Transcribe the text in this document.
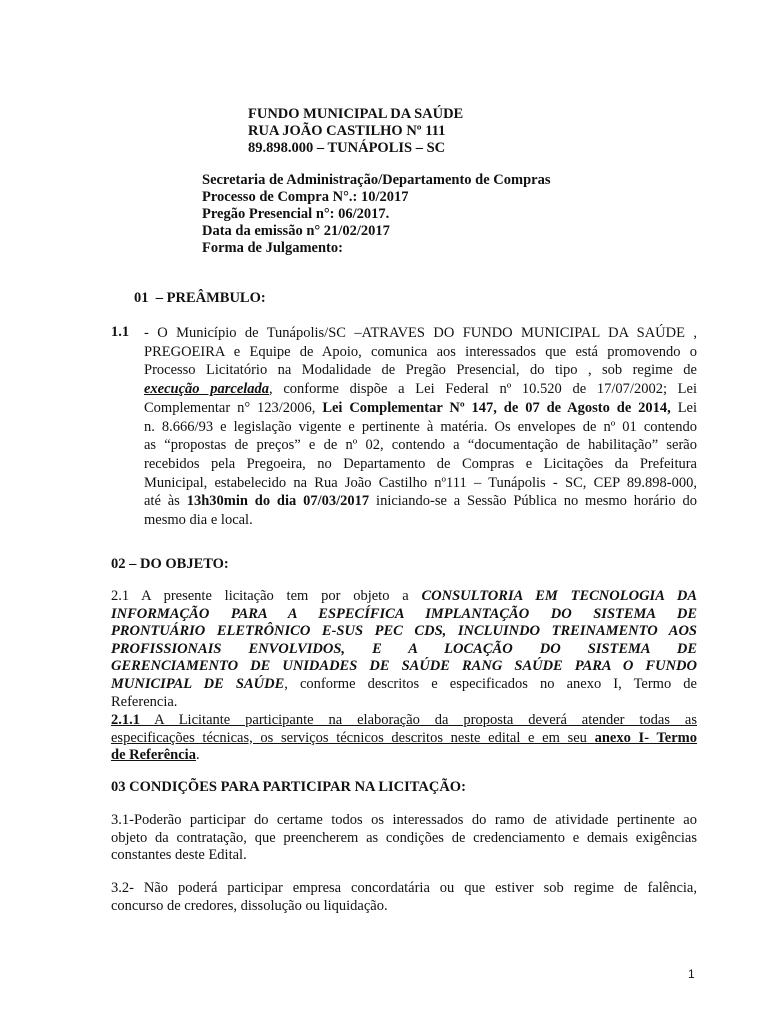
FUNDO MUNICIPAL DA SAÚDE
RUA JOÃO CASTILHO Nº 111
89.898.000 – TUNÁPOLIS – SC
Secretaria de Administração/Departamento de Compras
Processo de Compra N°.: 10/2017
Pregão Presencial n°: 06/2017.
Data da emissão n° 21/02/2017
Forma de Julgamento:
01  – PREÂMBULO:
1.1 - O Município de Tunápolis/SC –ATRAVES DO FUNDO MUNICIPAL DA SAÚDE ,
PREGOEIRA e Equipe de Apoio, comunica aos interessados que está promovendo o
Processo Licitatório na Modalidade de Pregão Presencial, do tipo , sob regime de
execução parcelada, conforme dispõe a Lei Federal nº 10.520 de 17/07/2002; Lei
Complementar n° 123/2006, Lei Complementar Nº 147, de 07 de Agosto de 2014, Lei
n. 8.666/93 e legislação vigente e pertinente à matéria. Os envelopes de nº 01 contendo
as “propostas de preços” e de nº 02, contendo a “documentação de habilitação” serão
recebidos pela Pregoeira, no Departamento de Compras e Licitações da Prefeitura
Municipal, estabelecido na Rua João Castilho nº111 – Tunápolis - SC, CEP 89.898-000,
até às 13h30min do dia 07/03/2017 iniciando-se a Sessão Pública no mesmo horário do
mesmo dia e local.
02 – DO OBJETO:
2.1 A presente licitação tem por objeto a CONSULTORIA EM TECNOLOGIA DA
INFORMAÇÃO PARA A ESPECÍFICA IMPLANTAÇÃO DO SISTEMA DE
PRONTUÁRIO ELETRÔNICO E-SUS PEC CDS, INCLUINDO TREINAMENTO AOS
PROFISSIONAIS ENVOLVIDOS, E A LOCAÇÃO DO SISTEMA DE
GERENCIAMENTO DE UNIDADES DE SAÚDE RANG SAÚDE PARA O FUNDO
MUNICIPAL DE SAÚDE, conforme descritos e especificados no anexo I, Termo de
Referencia.
2.1.1 A Licitante participante na elaboração da proposta deverá atender todas as
especificações técnicas, os serviços técnicos descritos neste edital e em seu anexo I- Termo
de Referência.
03 CONDIÇÕES PARA PARTICIPAR NA LICITAÇÃO:
3.1-Poderão participar do certame todos os interessados do ramo de atividade pertinente ao
objeto da contratação, que preencherem as condições de credenciamento e demais exigências
constantes deste Edital.
3.2- Não poderá participar empresa concordatária ou que estiver sob regime de falência,
concurso de credores, dissolução ou liquidação.
1
